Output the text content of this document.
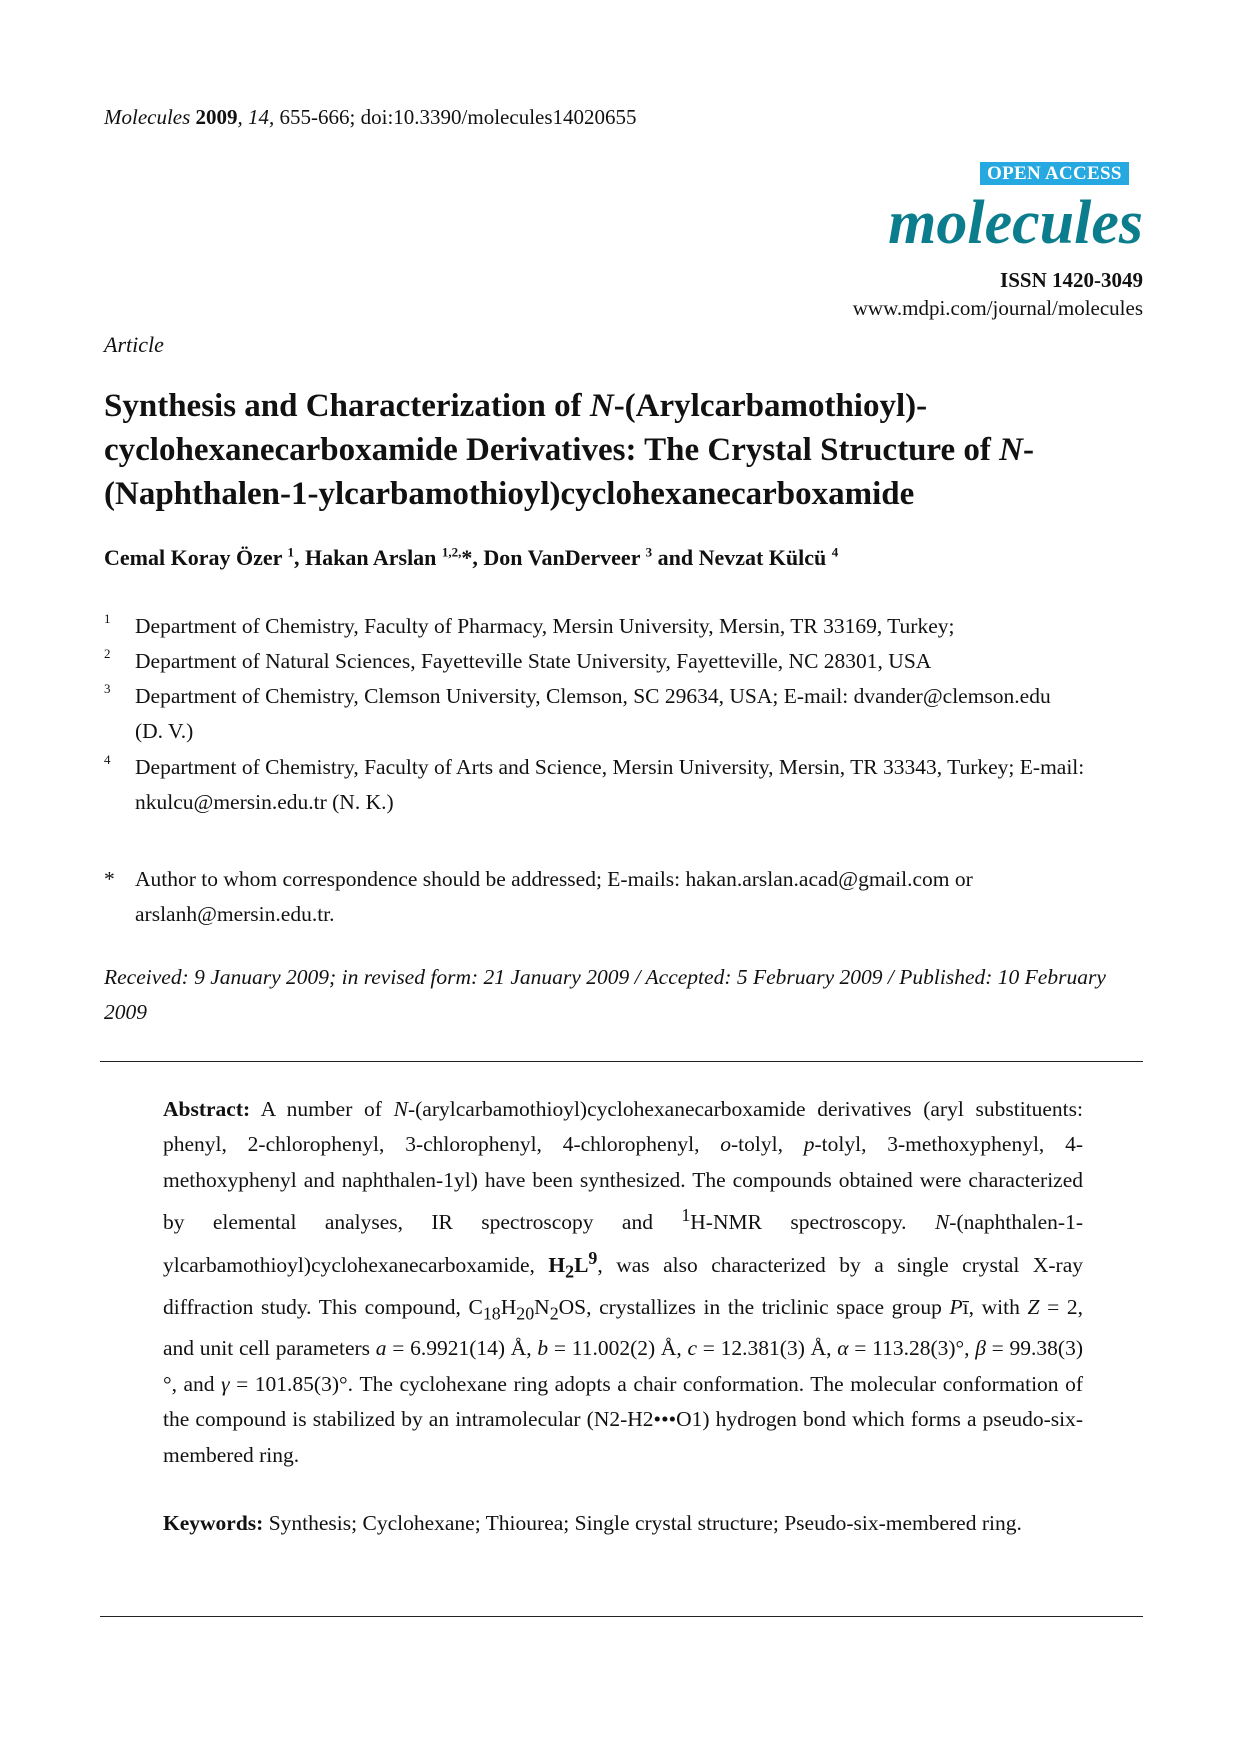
Molecules 2009, 14, 655-666; doi:10.3390/molecules14020655
OPEN ACCESS
molecules
ISSN 1420-3049
www.mdpi.com/journal/molecules
Article
Synthesis and Characterization of N-(Arylcarbamothioyl)-cyclohexanecarboxamide Derivatives: The Crystal Structure of N-(Naphthalen-1-ylcarbamothioyl)cyclohexanecarboxamide
Cemal Koray Özer $^1$, Hakan Arslan $^{1,2,}$*, Don VanDerveer $^3$ and Nevzat Külcü $^4$
1 Department of Chemistry, Faculty of Pharmacy, Mersin University, Mersin, TR 33169, Turkey;
2 Department of Natural Sciences, Fayetteville State University, Fayetteville, NC 28301, USA
3 Department of Chemistry, Clemson University, Clemson, SC 29634, USA; E-mail: dvander@clemson.edu (D. V.)
4 Department of Chemistry, Faculty of Arts and Science, Mersin University, Mersin, TR 33343, Turkey; E-mail: nkulcu@mersin.edu.tr (N. K.)
* Author to whom correspondence should be addressed; E-mails: hakan.arslan.acad@gmail.com or arslanh@mersin.edu.tr.
Received: 9 January 2009; in revised form: 21 January 2009 / Accepted: 5 February 2009 / Published: 10 February 2009

Abstract: A number of N-(arylcarbamothioyl)cyclohexanecarboxamide derivatives (aryl substituents: phenyl, 2-chlorophenyl, 3-chlorophenyl, 4-chlorophenyl, o-tolyl, p-tolyl, 3-methoxyphenyl, 4-methoxyphenyl and naphthalen-1yl) have been synthesized. The compounds obtained were characterized by elemental analyses, IR spectroscopy and $^1$H-NMR spectroscopy. N-(naphthalen-1-ylcarbamothioyl)cyclohexanecarboxamide, $H_2L^9$, was also characterized by a single crystal X-ray diffraction study. This compound, $C_{18}H_{20}N_2OS$, crystallizes in the triclinic space group Pī, with Z = 2, and unit cell parameters a = 6.9921(14) Å, b = 11.002(2) Å, c = 12.381(3) Å, α = 113.28(3)°, β = 99.38(3)°, and γ = 101.85(3)°. The cyclohexane ring adopts a chair conformation. The molecular conformation of the compound is stabilized by an intramolecular (N2-H2•••O1) hydrogen bond which forms a pseudo-six-membered ring.

Keywords: Synthesis; Cyclohexane; Thiourea; Single crystal structure; Pseudo-six-membered ring.
